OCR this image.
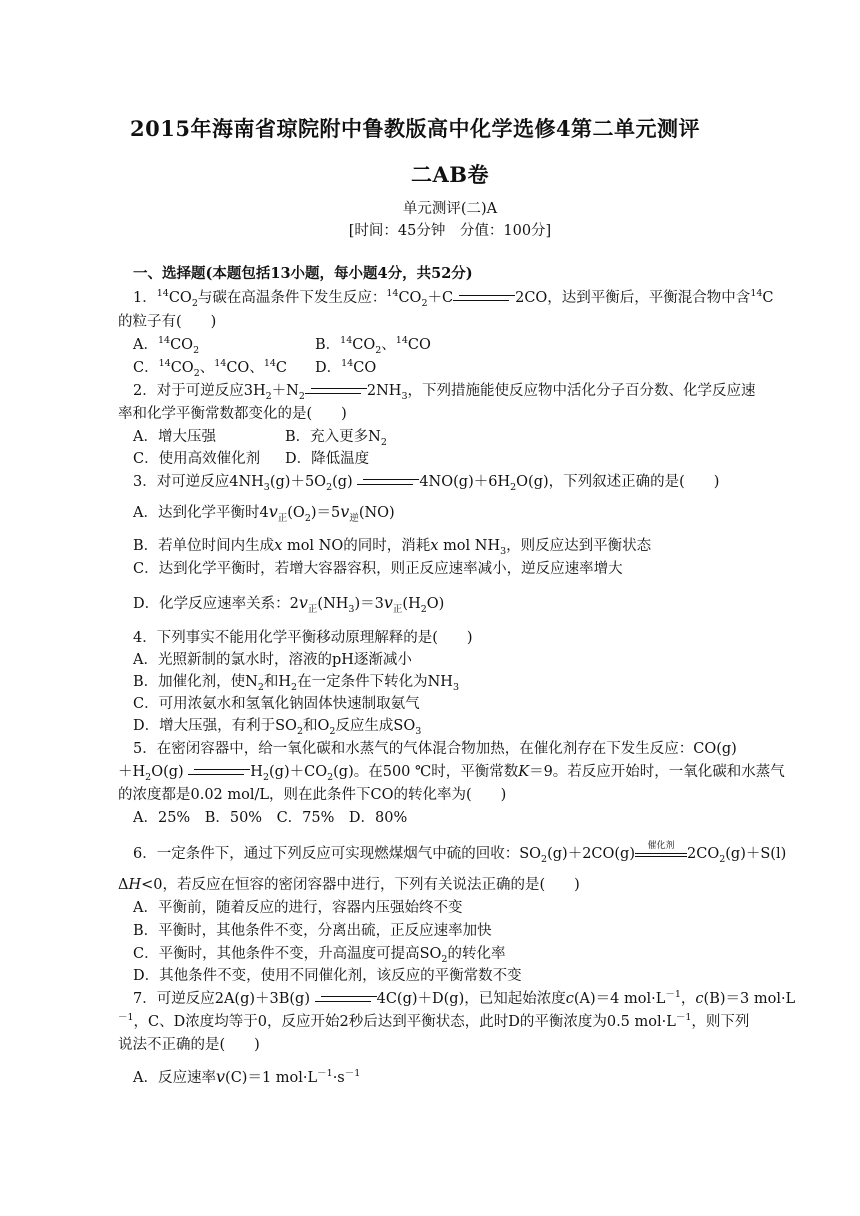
2015年海南省琼院附中鲁教版高中化学选修4第二单元测评
二AB卷
单元测评(二)A
[时间：45分钟　分值：100分]
一、选择题(本题包括13小题，每小题4分，共52分)
1．$^{14}CO_2$与碳在高温条件下发生反应：$^{14}CO_2+C$	2CO，达到平衡后，平衡混合物中含$^{14}$C
的粒子有(　　)
A．$^{14}CO_2$	B．$^{14}CO_2$、$^{14}$CO
C．$^{14}CO_2$、$^{14}$CO、$^{14}$C D．$^{14}$CO
2．对于可逆反应$3H_2+N_2$	$2NH_3$，下列措施能使反应物中活化分子百分数、化学反应速
率和化学平衡常数都变化的是(　　)
A．增大压强	B．充入更多$N_2$
C．使用高效催化剂 D．降低温度
3．对可逆反应$4NH_3(g)+5O_2(g)$	$4NO(g)+6H_2O(g)$，下列叙述正确的是(　　)
A．达到化学平衡时$4v_正(O_2)=5v_逆(NO)$
B．若单位时间内生成x mol NO的同时，消耗x mol $NH_3$，则反应达到平衡状态
C．达到化学平衡时，若增大容器容积，则正反应速率减小，逆反应速率增大
D．化学反应速率关系：$2v_正(NH_3)=3v_正(H_2O)$
4．下列事实不能用化学平衡移动原理解释的是(　　)
A．光照新制的氯水时，溶液的pH逐渐减小
B．加催化剂，使$N_2$和$H_2$在一定条件下转化为$NH_3$
C．可用浓氨水和氢氧化钠固体快速制取氨气
D．增大压强，有利于$SO_2$和$O_2$反应生成$SO_3$
5．在密闭容器中，给一氧化碳和水蒸气的气体混合物加热，在催化剂存在下发生反应：CO(g)
$+H_2O(g)$	$H_2(g)+CO_2(g)$。在500 ℃时，平衡常数K＝9。若反应开始时，一氧化碳和水蒸气
的浓度都是0.02 mol/L，则在此条件下CO的转化率为(　　)
A．25%　B．50%　C．75%　D．80%
6．一定条件下，通过下列反应可实现燃煤烟气中硫的回收：$SO_2(g)+2CO(g)$	催化剂 $2CO_2(g)+S(l)$
ΔH<0，若反应在恒容的密闭容器中进行，下列有关说法正确的是(　　)
A．平衡前，随着反应的进行，容器内压强始终不变
B．平衡时，其他条件不变，分离出硫，正反应速率加快
C．平衡时，其他条件不变，升高温度可提高$SO_2$的转化率
D．其他条件不变，使用不同催化剂，该反应的平衡常数不变
7．可逆反应2A(g)＋3B(g)	4C(g)＋D(g)，已知起始浓度c(A)＝4 $mol\cdot L^{-1}$，c(B)＝3 mol·L
$^{-1}$，C、D浓度均等于0，反应开始2秒后达到平衡状态，此时D的平衡浓度为0.5 $mol\cdot L^{-1}$，则下列
说法不正确的是(　　)
A．反应速率v(C)＝1 $mol\cdot L^{-1}\cdot s^{-1}$
